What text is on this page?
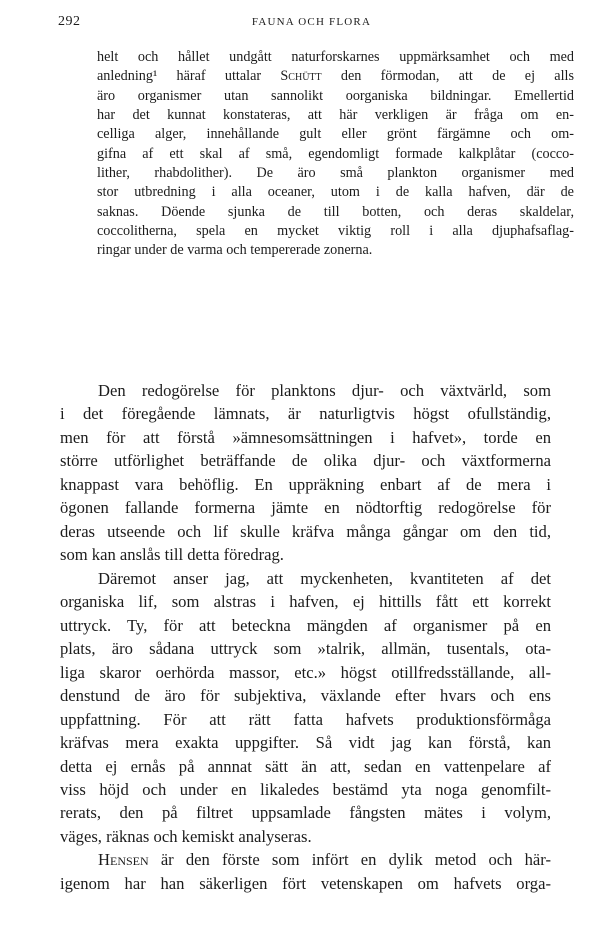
292	FAUNA OCH FLORA
helt och hållet undgått naturforskarnes uppmärksamhet och med
anledning¹ häraf uttalar Schütt den förmodan, att de ej alls
äro organismer utan sannolikt oorganiska bildningar. Emellertid
har det kunnat konstateras, att här verkligen är fråga om en-
celliga alger, innehållande gult eller grönt färgämne och om-
gifna af ett skal af små, egendomligt formade kalkplåtar (cocco-
lither, rhabdolither). De äro små plankton organismer med
stor utbredning i alla oceaner, utom i de kalla hafven, där de
saknas. Döende sjunka de till botten, och deras skaldelar,
coccolitherna, spela en mycket viktig roll i alla djuphafsaflag-
ringar under de varma och tempererade zonerna.
Den redogörelse för planktons djur- och växtvärld, som
i det föregående lämnats, är naturligtvis högst ofullständig,
men för att förstå »ämnesomsättningen i hafvet», torde en
större utförlighet beträffande de olika djur- och växtformerna
knappast vara behöflig. En uppräkning enbart af de mera i
ögonen fallande formerna jämte en nödtorftig redogörelse för
deras utseende och lif skulle kräfva många gångar om den tid,
som kan anslås till detta föredrag.
Däremot anser jag, att myckenheten, kvantiteten af det
organiska lif, som alstras i hafven, ej hittills fått ett korrekt
uttryck. Ty, för att beteckna mängden af organismer på en
plats, äro sådana uttryck som »talrik, allmän, tusentals, ota-
liga skaror oerhörda massor, etc.» högst otillfredsställande, all-
denstund de äro för subjektiva, växlande efter hvars och ens
uppfattning. För att rätt fatta hafvets produktionsförmåga
kräfvas mera exakta uppgifter. Så vidt jag kan förstå, kan
detta ej ernås på annnat sätt än att, sedan en vattenpelare af
viss höjd och under en likaledes bestämd yta noga genomfilt-
rerats, den på filtret uppsamlade fångsten mätes i volym,
väges, räknas och kemiskt analyseras.
Hensen är den förste som infört en dylik metod och här-
igenom har han säkerligen fört vetenskapen om hafvets orga-
